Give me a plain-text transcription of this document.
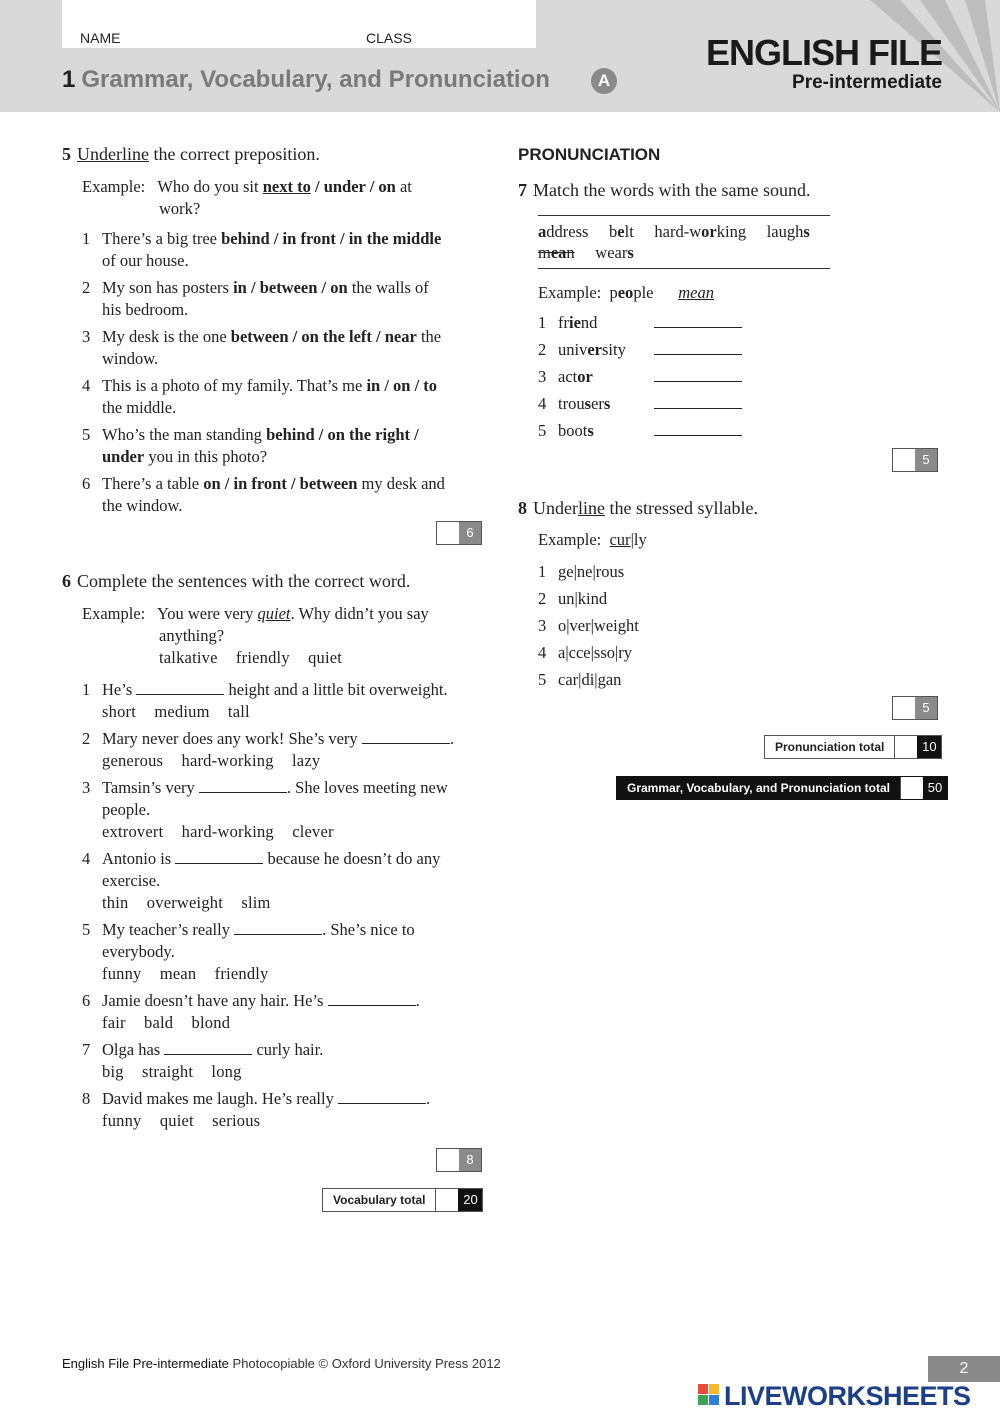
NAME	CLASS
1 Grammar, Vocabulary, and Pronunciation	A
ENGLISH FILE
Pre-intermediate
5 Underline the correct preposition.
Example: Who do you sit next to / under / on at
work?
1 There’s a big tree behind / in front / in the middle
of our house.
2 My son has posters in / between / on the walls of
his bedroom.
3 My desk is the one between / on the left / near the
window.
4 This is a photo of my family. That’s me in / on / to
the middle.
5 Who’s the man standing behind / on the right /
under you in this photo?
6 There’s a table on / in front / between my desk and
the window.
6
6 Complete the sentences with the correct word.
Example: You were very quiet. Why didn’t you say
anything?
talkative friendly quiet
1 He’s	height and a little bit overweight.
short medium tall
2 Mary never does any work! She’s very	.
generous hard-working lazy
3 Tamsin’s very	. She loves meeting new
people.
extrovert hard-working clever
4 Antonio is	because he doesn’t do any
exercise.
thin overweight slim
5 My teacher’s really	. She’s nice to
everybody.
funny mean friendly
6 Jamie doesn’t have any hair. He’s	.
fair bald blond
7 Olga has	curly hair.
big straight long
8 David makes me laugh. He’s really	.
funny quiet serious
8
Vocabulary total	20
PRONUNCIATION
7 Match the words with the same sound.
address belt hard-working laughs
mean wears
Example:  people      mean
1 friend
2 university
3 actor
4 trousers
5 boots
5
8 Underline the stressed syllable.
Example: cur|ly
1 ge|ne|rous
2 un|kind
3 o|ver|weight
4 a|cce|sso|ry
5 car|di|gan
5
Pronunciation total	10
Grammar, Vocabulary, and Pronunciation total	50
English File Pre-intermediate Photocopiable © Oxford University Press 2012	2
LIVEWORKSHEETS
